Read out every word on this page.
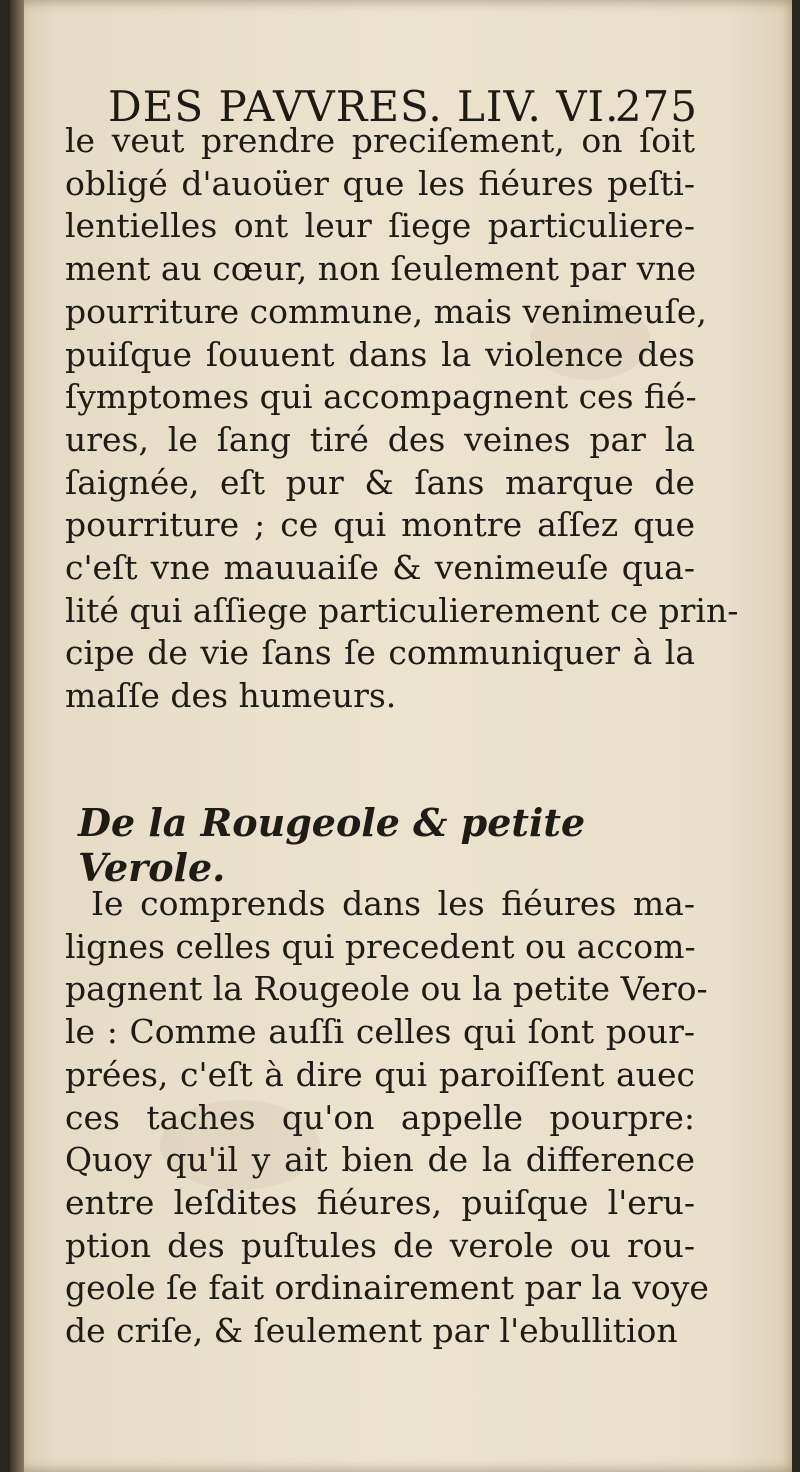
DES PAVVRES. LIV. VI.
275
le veut prendre preciſement, on ſoit
obligé d'auoüer que les fiéures peſti-
lentielles ont leur ſiege particuliere-
ment au cœur, non ſeulement par vne
pourriture commune, mais venimeuſe,
puiſque ſouuent dans la violence des
ſymptomes qui accompagnent ces fié-
ures, le ſang tiré des veines par la
ſaignée, eſt pur & ſans marque de
pourriture ; ce qui montre aſſez que
c'eſt vne mauuaiſe & venimeuſe qua-
lité qui aſſiege particulierement ce prin-
cipe de vie ſans ſe communiquer à la
maſſe des humeurs.
De la Rougeole & petite Verole.
Ie comprends dans les fiéures ma-
lignes celles qui precedent ou accom-
pagnent la Rougeole ou la petite Vero-
le : Comme auſſi celles qui ſont pour-
prées, c'eſt à dire qui paroiſſent auec
ces taches qu'on appelle pourpre:
Quoy qu'il y ait bien de la difference
entre leſdites fiéures, puiſque l'eru-
ption des puſtules de verole ou rou-
geole ſe fait ordinairement par la voye
de criſe, & ſeulement par l'ebullition
